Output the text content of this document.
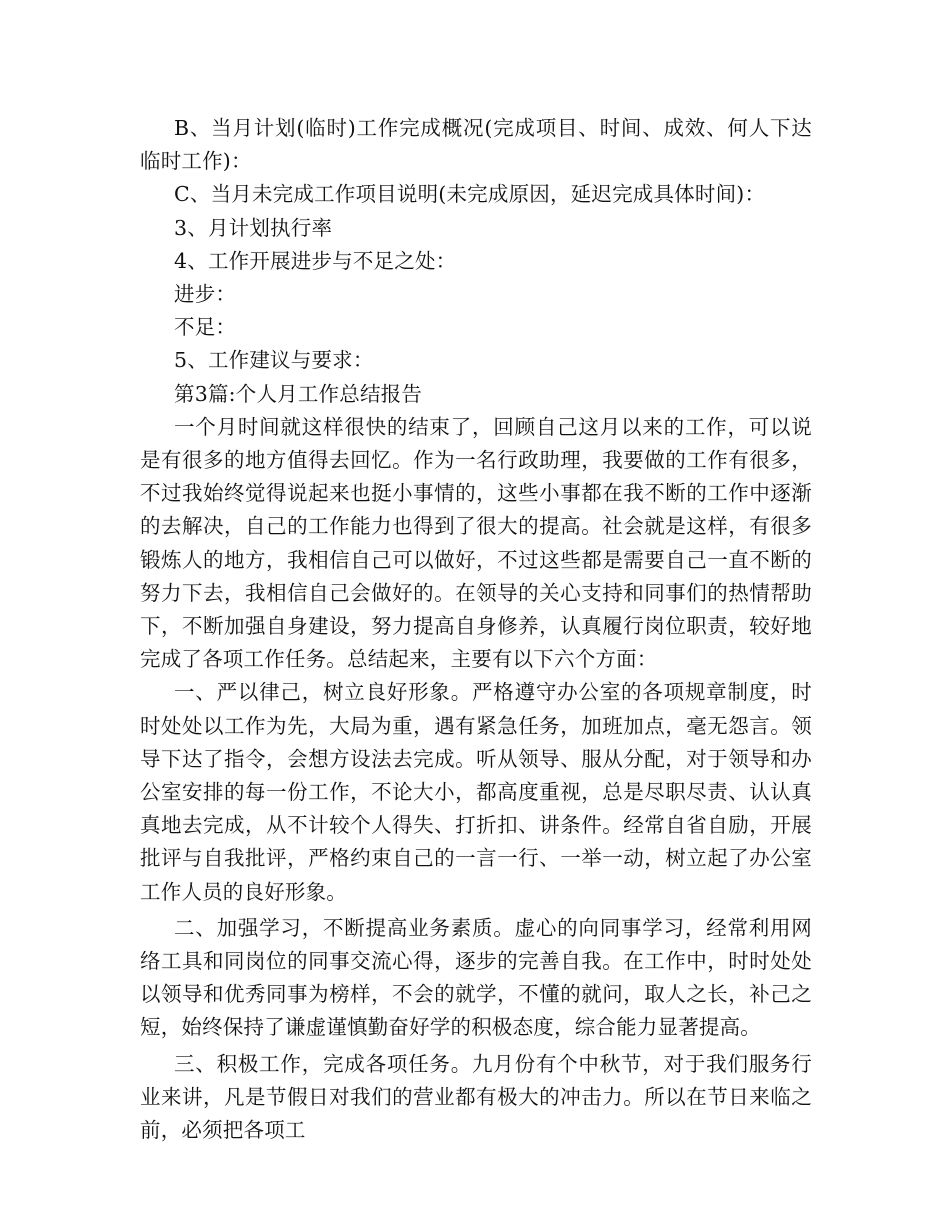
B、当月计划(临时)工作完成概况(完成项目、时间、成效、何人下达临时工作)：

C、当月未完成工作项目说明(未完成原因，延迟完成具体时间)：

3、月计划执行率

4、工作开展进步与不足之处：

进步：

不足：

5、工作建议与要求：

第3篇:个人月工作总结报告

一个月时间就这样很快的结束了，回顾自己这月以来的工作，可以说是有很多的地方值得去回忆。作为一名行政助理，我要做的工作有很多，不过我始终觉得说起来也挺小事情的，这些小事都在我不断的工作中逐渐的去解决，自己的工作能力也得到了很大的提高。社会就是这样，有很多锻炼人的地方，我相信自己可以做好，不过这些都是需要自己一直不断的努力下去，我相信自己会做好的。在领导的关心支持和同事们的热情帮助下，不断加强自身建设，努力提高自身修养，认真履行岗位职责，较好地完成了各项工作任务。总结起来，主要有以下六个方面：

一、严以律己，树立良好形象。严格遵守办公室的各项规章制度，时时处处以工作为先，大局为重，遇有紧急任务，加班加点，毫无怨言。领导下达了指令，会想方设法去完成。听从领导、服从分配，对于领导和办公室安排的每一份工作，不论大小，都高度重视，总是尽职尽责、认认真真地去完成，从不计较个人得失、打折扣、讲条件。经常自省自励，开展批评与自我批评，严格约束自己的一言一行、一举一动，树立起了办公室工作人员的良好形象。

二、加强学习，不断提高业务素质。虚心的向同事学习，经常利用网络工具和同岗位的同事交流心得，逐步的完善自我。在工作中，时时处处以领导和优秀同事为榜样，不会的就学，不懂的就问，取人之长，补己之短，始终保持了谦虚谨慎勤奋好学的积极态度，综合能力显著提高。

三、积极工作，完成各项任务。九月份有个中秋节，对于我们服务行业来讲，凡是节假日对我们的营业都有极大的冲击力。所以在节日来临之前，必须把各项工
